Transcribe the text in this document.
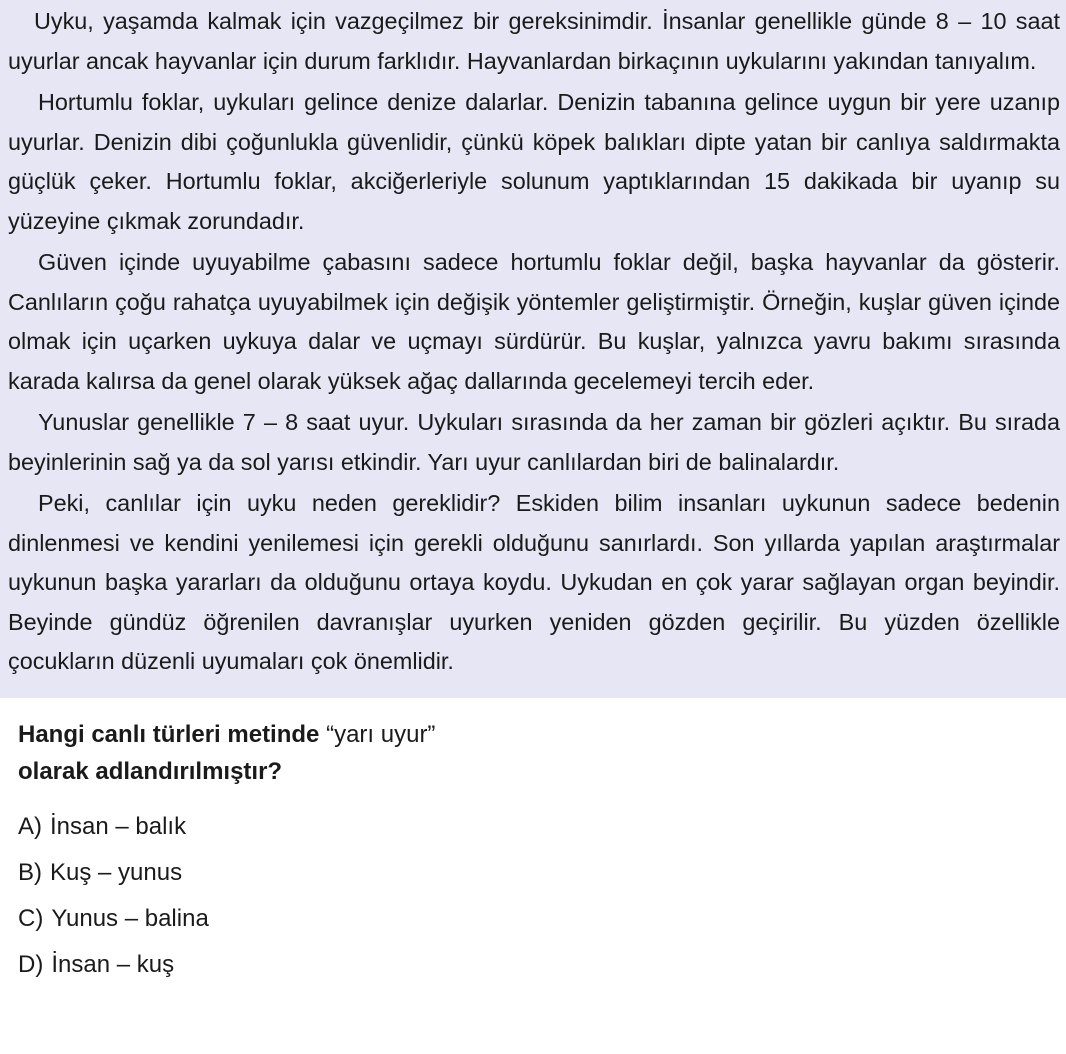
Uyku, yaşamda kalmak için vazgeçilmez bir gereksinimdir. İnsanlar genellikle günde 8 – 10 saat uyurlar ancak hayvanlar için durum farklıdır. Hayvanlardan birkaçının uykularını yakından tanıyalım.

Hortumlu foklar, uykuları gelince denize dalarlar. Denizin tabanına gelince uygun bir yere uzanıp uyurlar. Denizin dibi çoğunlukla güvenlidir, çünkü köpek balıkları dipte yatan bir canlıya saldırmakta güçlük çeker. Hortumlu foklar, akciğerleriyle solunum yaptıklarından 15 dakikada bir uyanıp su yüzeyine çıkmak zorundadır.

Güven içinde uyuyabilme çabasını sadece hortumlu foklar değil, başka hayvanlar da gösterir. Canlıların çoğu rahatça uyuyabilmek için değişik yöntemler geliştirmiştir. Örneğin, kuşlar güven içinde olmak için uçarken uykuya dalar ve uçmayı sürdürür. Bu kuşlar, yalnızca yavru bakımı sırasında karada kalırsa da genel olarak yüksek ağaç dallarında gecelemeyi tercih eder.

Yunuslar genellikle 7 – 8 saat uyur. Uykuları sırasında da her zaman bir gözleri açıktır. Bu sırada beyinlerinin sağ ya da sol yarısı etkindir. Yarı uyur canlılardan biri de balinalardır.

Peki, canlılar için uyku neden gereklidir? Eskiden bilim insanları uykunun sadece bedenin dinlenmesi ve kendini yenilemesi için gerekli olduğunu sanırlardı. Son yıllarda yapılan araştırmalar uykunun başka yararları da olduğunu ortaya koydu. Uykudan en çok yarar sağlayan organ beyindir. Beyinde gündüz öğrenilen davranışlar uyurken yeniden gözden geçirilir. Bu yüzden özellikle çocukların düzenli uyumaları çok önemlidir.

Hangi canlı türleri metinde “yarı uyur”
olarak adlandırılmıştır?
A) İnsan – balık
B) Kuş – yunus
C) Yunus – balina
D) İnsan – kuş
